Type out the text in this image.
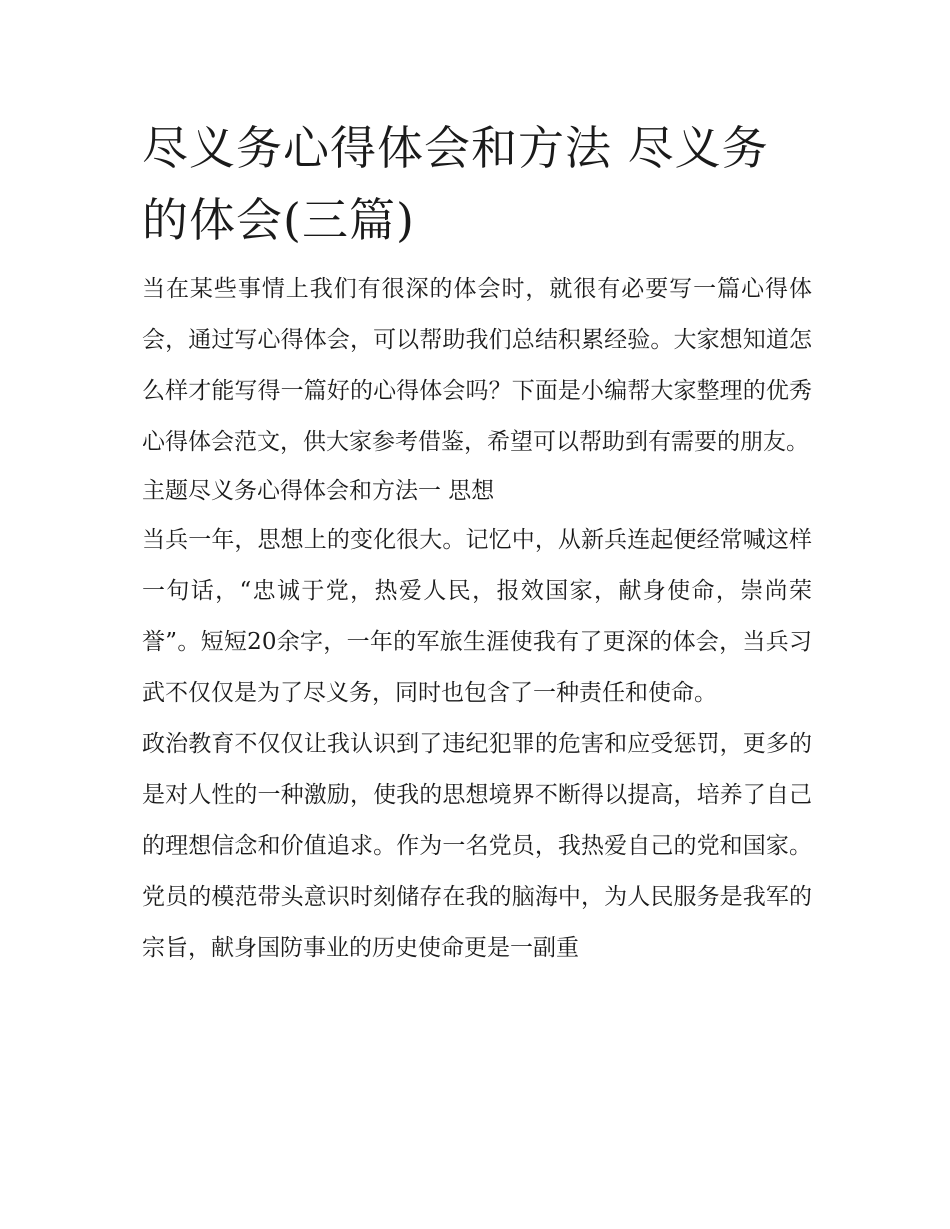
尽义务心得体会和方法 尽义务的体会(三篇)

当在某些事情上我们有很深的体会时，就很有必要写一篇心得体会，通过写心得体会，可以帮助我们总结积累经验。大家想知道怎么样才能写得一篇好的心得体会吗？下面是小编帮大家整理的优秀心得体会范文，供大家参考借鉴，希望可以帮助到有需要的朋友。

主题尽义务心得体会和方法一 思想

当兵一年，思想上的变化很大。记忆中，从新兵连起便经常喊这样一句话，“忠诚于党，热爱人民，报效国家，献身使命，崇尚荣誉”。短短20余字，一年的军旅生涯使我有了更深的体会，当兵习武不仅仅是为了尽义务，同时也包含了一种责任和使命。

政治教育不仅仅让我认识到了违纪犯罪的危害和应受惩罚，更多的是对人性的一种激励，使我的思想境界不断得以提高，培养了自己的理想信念和价值追求。作为一名党员，我热爱自己的党和国家。党员的模范带头意识时刻储存在我的脑海中，为人民服务是我军的宗旨，献身国防事业的历史使命更是一副重
